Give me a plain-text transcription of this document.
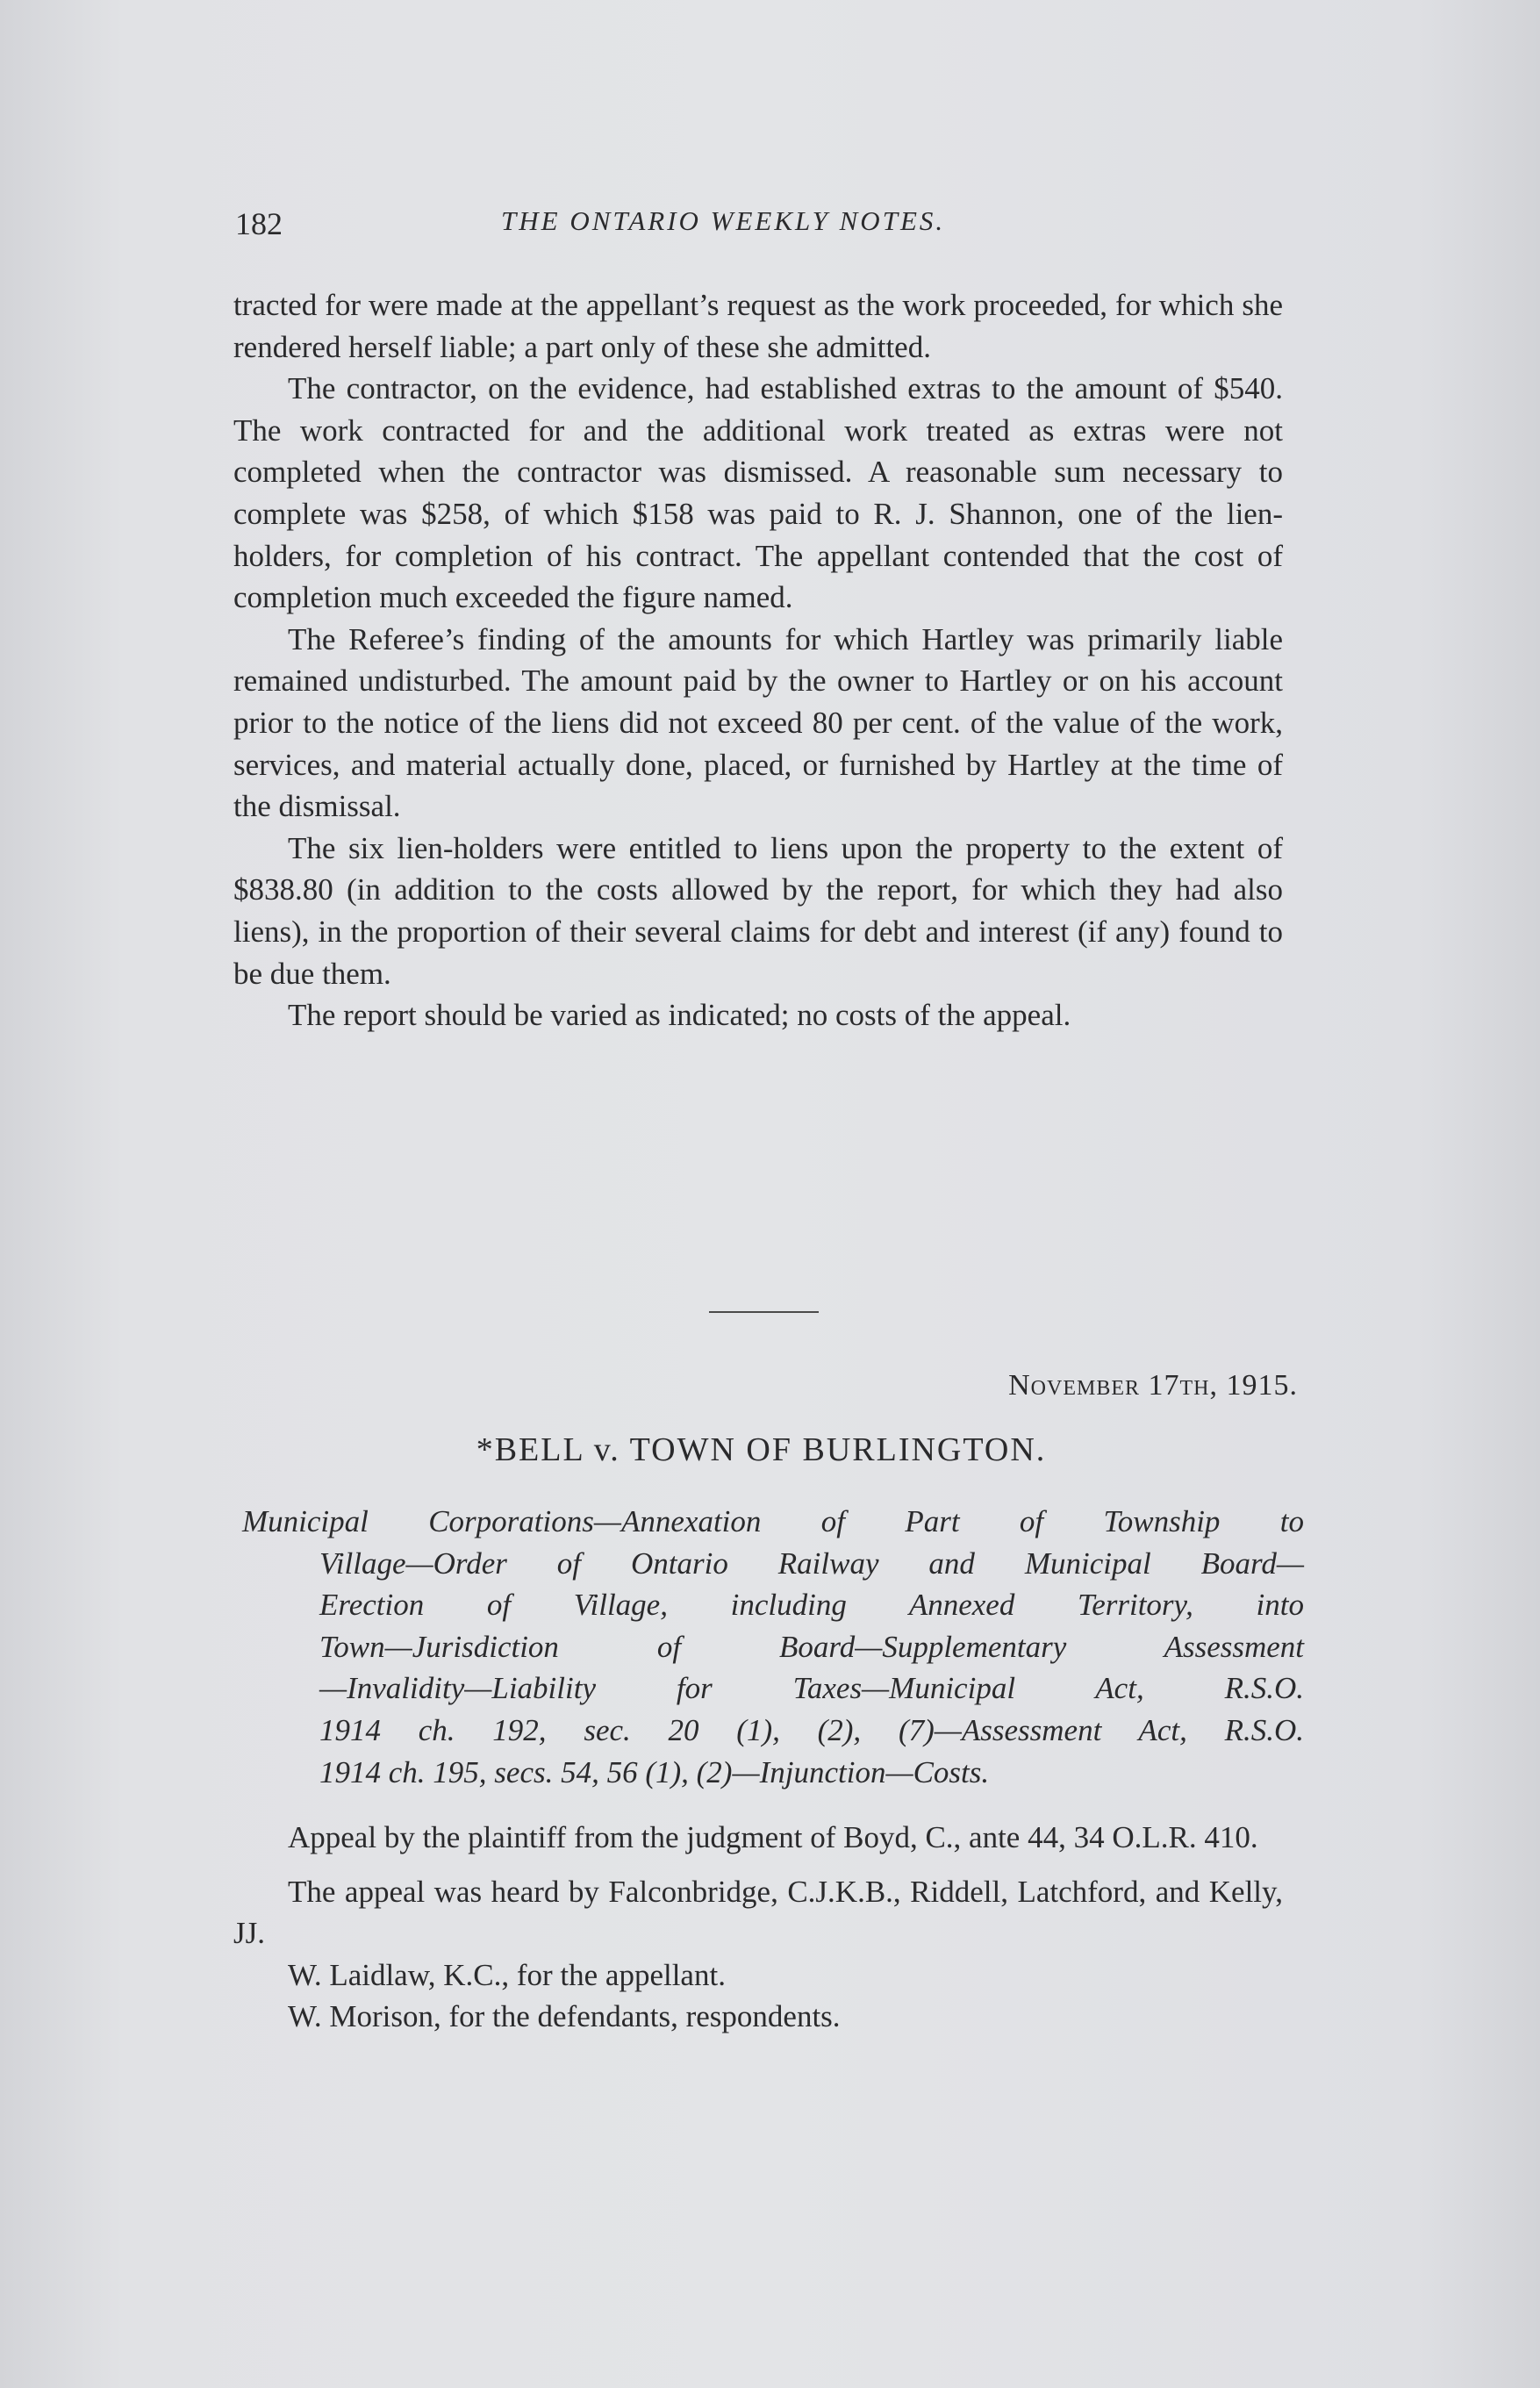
182	THE ONTARIO WEEKLY NOTES.

tracted for were made at the appellant’s request as the work proceeded, for which she rendered herself liable; a part only of these she admitted.

The contractor, on the evidence, had established extras to the amount of $540. The work contracted for and the additional work treated as extras were not completed when the contractor was dismissed. A reasonable sum necessary to complete was $258, of which $158 was paid to R. J. Shannon, one of the lien-holders, for completion of his contract. The appellant contended that the cost of completion much exceeded the figure named.

The Referee’s finding of the amounts for which Hartley was primarily liable remained undisturbed. The amount paid by the owner to Hartley or on his account prior to the notice of the liens did not exceed 80 per cent. of the value of the work, services, and material actually done, placed, or furnished by Hartley at the time of the dismissal.

The six lien-holders were entitled to liens upon the property to the extent of $838.80 (in addition to the costs allowed by the report, for which they had also liens), in the proportion of their several claims for debt and interest (if any) found to be due them.

The report should be varied as indicated; no costs of the appeal.

November 17th, 1915.
*BELL v. TOWN OF BURLINGTON.
Municipal Corporations—Annexation of Part of Township to
Village—Order of Ontario Railway and Municipal Board—
Erection of Village, including Annexed Territory, into
Town—Jurisdiction of Board—Supplementary Assessment
—Invalidity—Liability for Taxes—Municipal Act, R.S.O.
1914 ch. 192, sec. 20 (1), (2), (7)—Assessment Act, R.S.O.
1914 ch. 195, secs. 54, 56 (1), (2)—Injunction—Costs.

Appeal by the plaintiff from the judgment of Boyd, C., ante 44, 34 O.L.R. 410.

The appeal was heard by Falconbridge, C.J.K.B., Riddell, Latchford, and Kelly, JJ.

W. Laidlaw, K.C., for the appellant.

W. Morison, for the defendants, respondents.
